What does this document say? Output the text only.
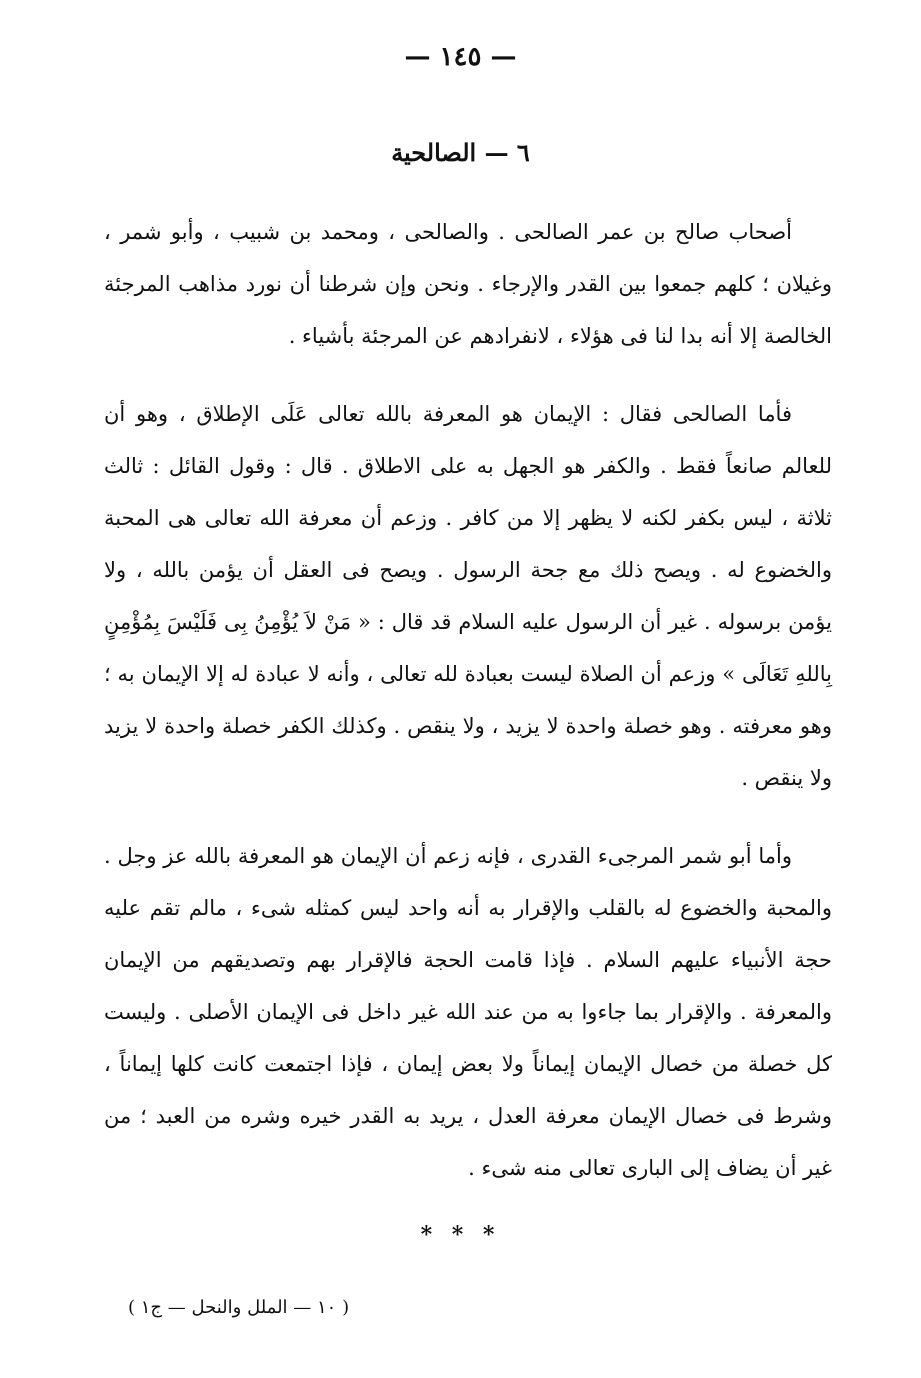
— ١٤٥ —
٦ — الصالحية

أصحاب صالح بن عمر الصالحى . والصالحى ، ومحمد بن شبيب ، وأبو شمر ، وغيلان ؛ كلهم جمعوا بين القدر والإرجاء . ونحن وإن شرطنا أن نورد مذاهب المرجئة الخالصة إلا أنه بدا لنا فى هؤلاء ، لانفرادهم عن المرجئة بأشياء .

فأما الصالحى فقال : الإيمان هو المعرفة بالله تعالى عَلَى الإطلاق ، وهو أن للعالم صانعاً فقط . والكفر هو الجهل به على الاطلاق . قال : وقول القائل : ثالث ثلاثة ، ليس بكفر لكنه لا يظهر إلا من كافر . وزعم أن معرفة الله تعالى هى المحبة والخضوع له . ويصح ذلك مع جحة الرسول . ويصح فى العقل أن يؤمن بالله ، ولا يؤمن برسوله . غير أن الرسول عليه السلام قد قال : « مَنْ لاَ يُؤْمِنُ بِى فَلَيْسَ بِمُؤْمِنٍ بِاللهِ تَعَالَى » وزعم أن الصلاة ليست بعبادة لله تعالى ، وأنه لا عبادة له إلا الإيمان به ؛ وهو معرفته . وهو خصلة واحدة لا يزيد ، ولا ينقص . وكذلك الكفر خصلة واحدة لا يزيد ولا ينقص .

وأما أبو شمر المرجىء القدرى ، فإنه زعم أن الإيمان هو المعرفة بالله عز وجل . والمحبة والخضوع له بالقلب والإقرار به أنه واحد ليس كمثله شىء ، مالم تقم عليه حجة الأنبياء عليهم السلام . فإذا قامت الحجة فالإقرار بهم وتصديقهم من الإيمان والمعرفة . والإقرار بما جاءوا به من عند الله غير داخل فى الإيمان الأصلى . وليست كل خصلة من خصال الإيمان إيماناً ولا بعض إيمان ، فإذا اجتمعت كانت كلها إيماناً ، وشرط فى خصال الإيمان معرفة العدل ، يريد به القدر خيره وشره من العبد ؛ من غير أن يضاف إلى البارى تعالى منه شىء .

* * *
( ١٠ — الملل والنحل — ج١ )
